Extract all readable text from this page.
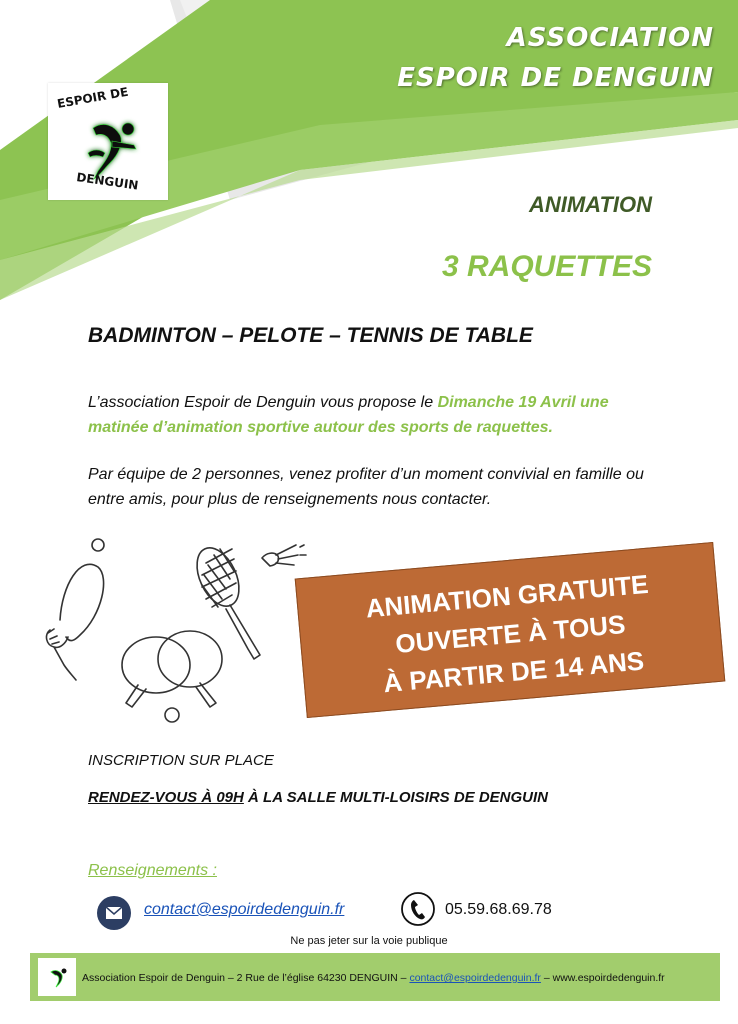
ASSOCIATION
ESPOIR DE DENGUIN
ESPOIR DE
DENGUIN
ANIMATION
3 RAQUETTES
BADMINTON – PELOTE – TENNIS DE TABLE
L’association Espoir de Denguin vous propose le Dimanche 19 Avril une matinée d’animation sportive autour des sports de raquettes.
Par équipe de 2 personnes, venez profiter d’un moment convivial en famille ou entre amis, pour plus de renseignements nous contacter.
ANIMATION GRATUITE
OUVERTE À TOUS
À PARTIR DE 14 ANS
INSCRIPTION SUR PLACE
RENDEZ-VOUS À 09H À LA SALLE MULTI-LOISIRS DE DENGUIN
Renseignements :
contact@espoirdedenguin.fr	05.59.68.69.78
Ne pas jeter sur la voie publique
Association Espoir de Denguin – 2 Rue de l’église 64230 DENGUIN – contact@espoirdedenguin.fr – www.espoirdedenguin.fr
